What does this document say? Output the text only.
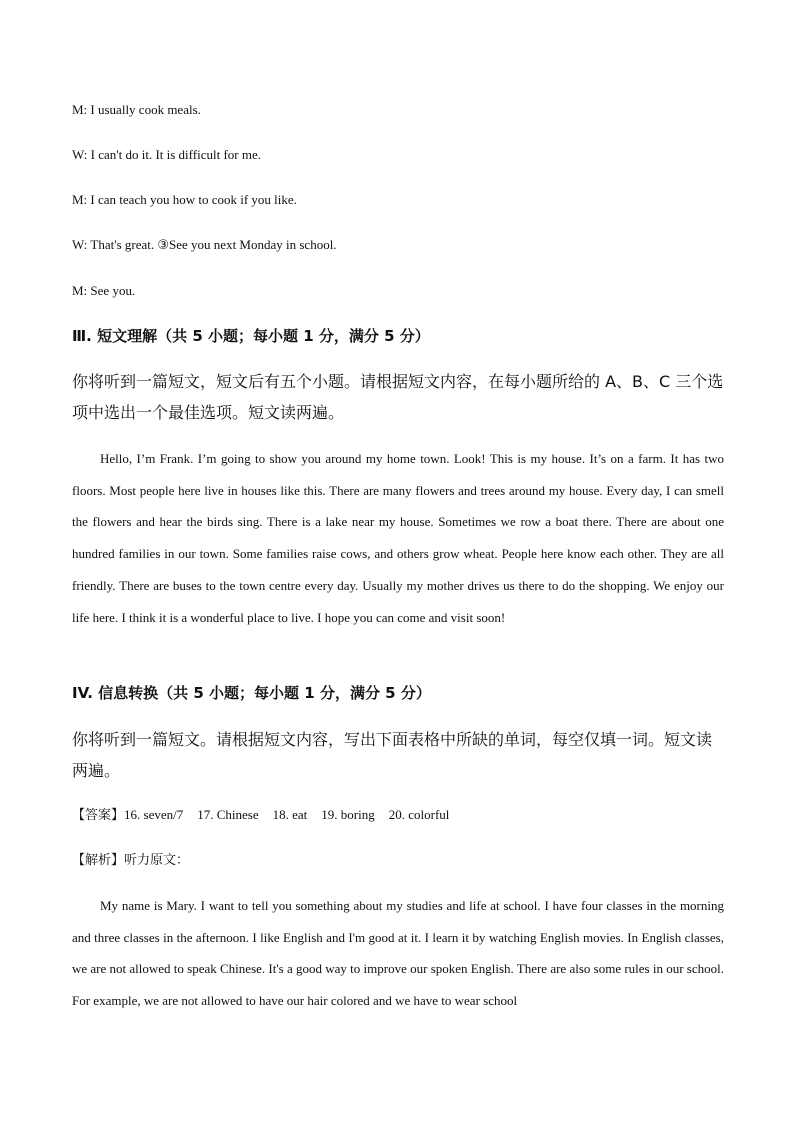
M: I usually cook meals.
W: I can't do it. It is difficult for me.
M: I can teach you how to cook if you like.
W: That's great. ③See you next Monday in school.
M: See you.
Ⅲ. 短文理解（共 5 小题；每小题 1 分，满分 5 分）
你将听到一篇短文，短文后有五个小题。请根据短文内容，在每小题所给的 A、B、C 三个选项中选出一个最佳选项。短文读两遍。
Hello, I’m Frank. I’m going to show you around my home town. Look! This is my house. It’s on a farm. It has two floors. Most people here live in houses like this. There are many flowers and trees around my house. Every day, I can smell the flowers and hear the birds sing. There is a lake near my house. Sometimes we row a boat there. There are about one hundred families in our town. Some families raise cows, and others grow wheat. People here know each other. They are all friendly. There are buses to the town centre every day. Usually my mother drives us there to do the shopping. We enjoy our life here. I think it is a wonderful place to live. I hope you can come and visit soon!
IV. 信息转换（共 5 小题；每小题 1 分，满分 5 分）
你将听到一篇短文。请根据短文内容，写出下面表格中所缺的单词，每空仅填一词。短文读两遍。
【答案】16. seven/7 17. Chinese 18. eat 19. boring 20. colorful
【解析】听力原文：
My name is Mary. I want to tell you something about my studies and life at school. I have four classes in the morning and three classes in the afternoon. I like English and I'm good at it. I learn it by watching English movies. In English classes, we are not allowed to speak Chinese. It's a good way to improve our spoken English. There are also some rules in our school. For example, we are not allowed to have our hair colored and we have to wear school
